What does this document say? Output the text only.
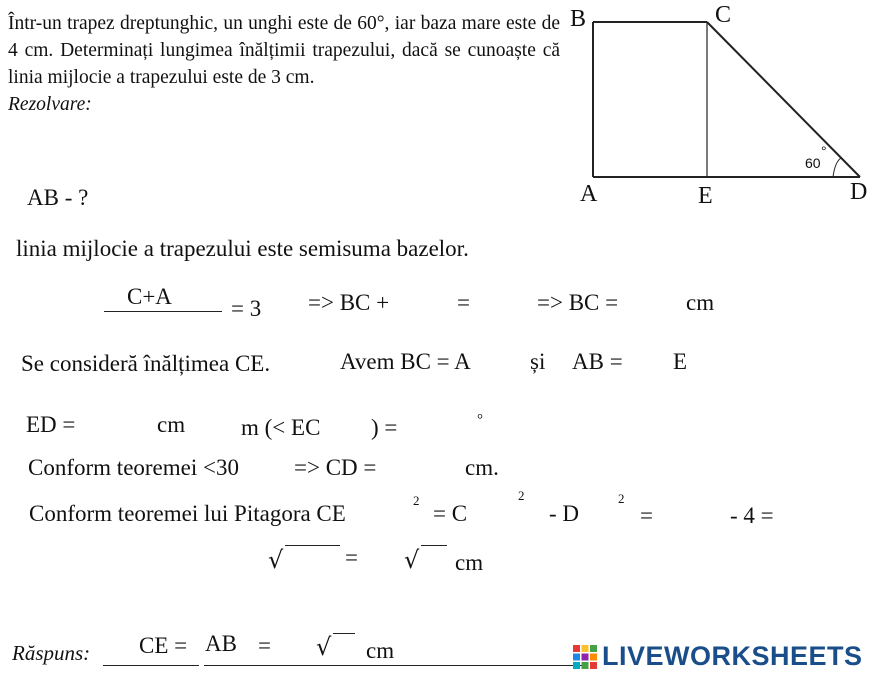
Într-un trapez dreptunghic, un unghi este de 60°, iar baza mare este de 4 cm. Determinați lungimea înălțimii trapezului, dacă se cunoaște că linia mijlocie a trapezului este de 3 cm.

Rezolvare:

B	C
A	E	D
60
°
AB - ?
linia mijlocie a trapezului este semisuma bazelor.
C+A	= 3 => BC +	=	=> BC =	cm
Se consideră înălțimea CE.	Avem BC = A	și AB = E
ED =	cm m (< EC ) =	°
Conform teoremei <30 => CD =	cm.
Conform teoremei lui Pitagora CE
2
= C
2
- D
2
=	- 4 =
√	= √ cm
Răspuns: CE = AB = √ cm	LIVEWORKSHEETS
